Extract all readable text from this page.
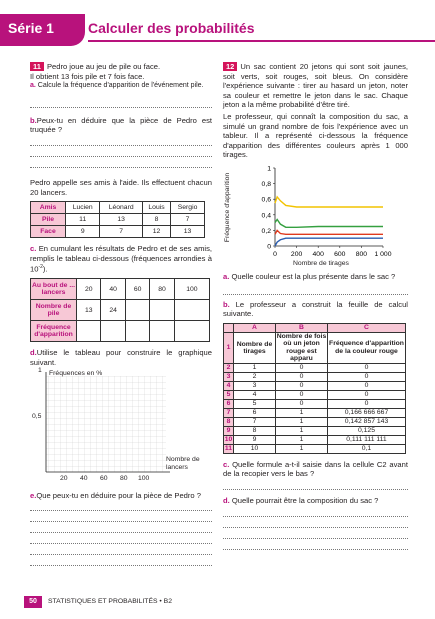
Série 1	Calculer des probabilités

11 Pedro joue au jeu de pile ou face.

Il obtient 13 fois pile et 7 fois face.

a. Calcule la fréquence d'apparition de l'événement pile.

b.Peux-tu en déduire que la pièce de Pedro est truquée ?

Pedro appelle ses amis à l'aide. Ils effectuent chacun 20 lancers.

Amis	Lucien	Léonard	Louis	Sergio
Pile	11	13	8	7
Face	9	7	12	13

c. En cumulant les résultats de Pedro et de ses amis, remplis le tableau ci-dessous (fréquences arrondies à $10^{-2}$).

Au bout de ... lancers	20	40	60	80	100
Nombre de pile	13	24			
Fréquence d'apparition					

d.Utilise le tableau pour construire le graphique suivant.

Fréquences en %
1
0,5
Nombre de lancers
20 40 60 80 100

e.Que peux-tu en déduire pour la pièce de Pedro ?

12 Un sac contient 20 jetons qui sont soit jaunes, soit verts, soit rouges, soit bleus. On considère l'expérience suivante : tirer au hasard un jeton, noter sa couleur et remettre le jeton dans le sac. Chaque jeton a la même probabilité d'être tiré.

Le professeur, qui connaît la composition du sac, a simulé un grand nombre de fois l'expérience avec un tableur. Il a représenté ci-dessous la fréquence d'apparition des différentes couleurs après 1 000 tirages.

0
0,2
0,4
0,6
0,8
1
0 200 400 600 800 1 000
Fréquence d'apparition
Nombre de tirages

a. Quelle couleur est la plus présente dans le sac ?

b. Le professeur a construit la feuille de calcul suivante.

	A	B	C
1	Nombre de tirages	Nombre de fois où un jeton rouge est apparu	Fréquence d'apparition de la couleur rouge
2	1	0	0
3	2	0	0
4	3	0	0
5	4	0	0
6	5	0	0
7	6	1	0,166 666 667
8	7	1	0,142 857 143
9	8	1	0,125
10	9	1	0,111 111 111
11	10	1	0,1

c. Quelle formule a-t-il saisie dans la cellule C2 avant de la recopier vers le bas ?

d. Quelle pourrait être la composition du sac ?

50	STATISTIQUES ET PROBABILITÉS • B2
